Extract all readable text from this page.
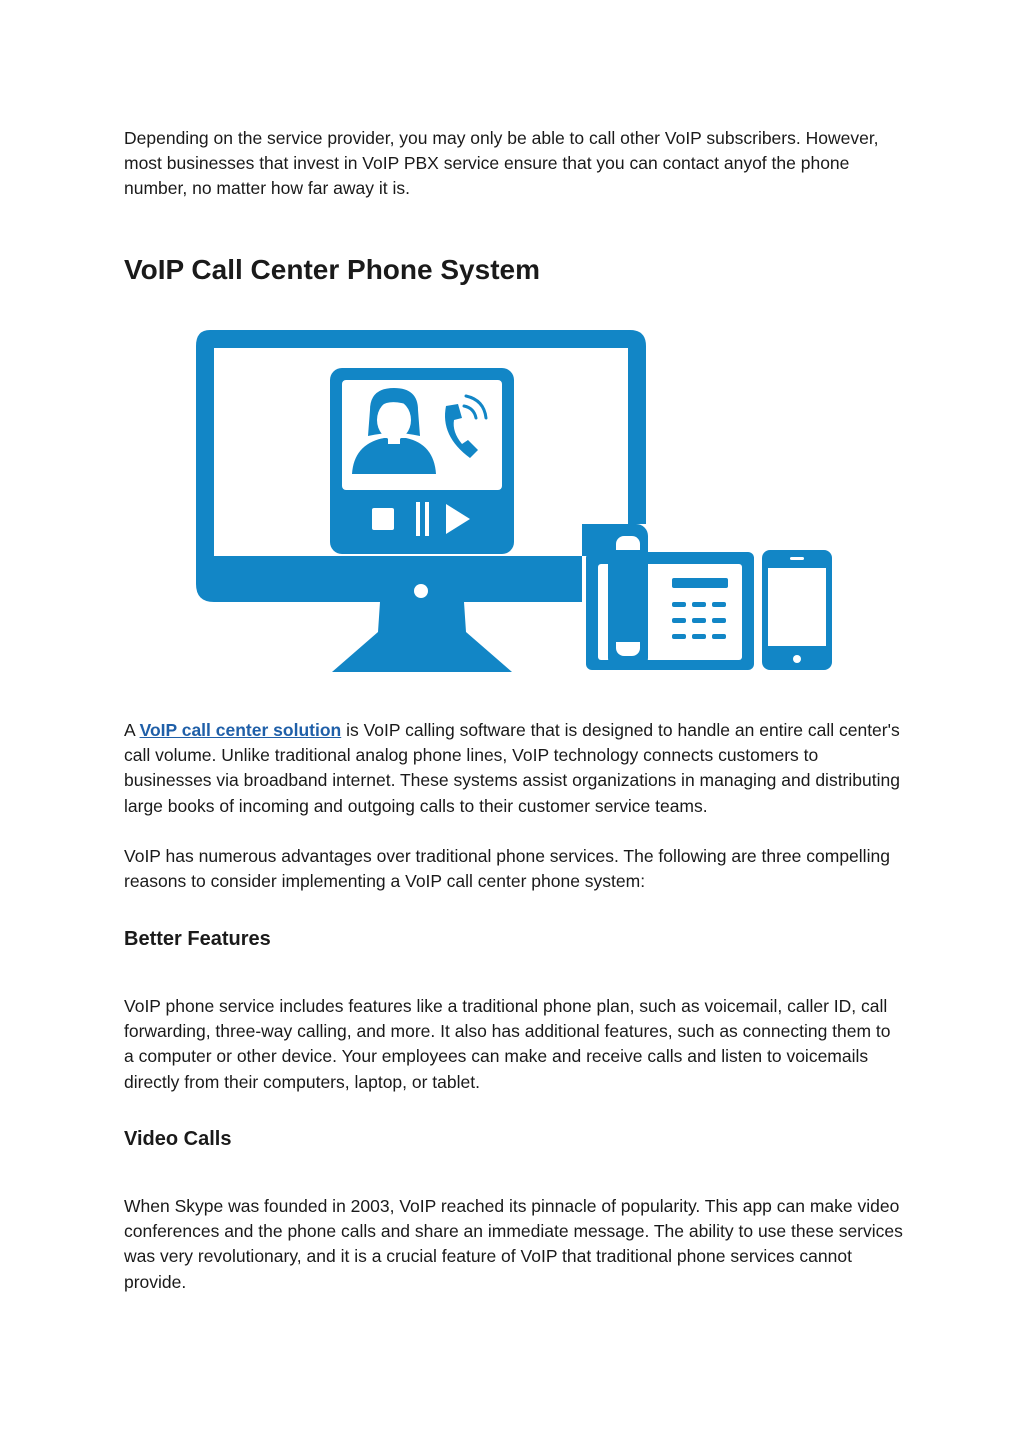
Depending on the service provider, you may only be able to call other VoIP subscribers. However, most businesses that invest in VoIP PBX service ensure that you can contact anyof the phone number, no matter how far away it is.

VoIP Call Center Phone System

A VoIP call center solution is VoIP calling software that is designed to handle an entire call center's call volume. Unlike traditional analog phone lines, VoIP technology connects customers to businesses via broadband internet. These systems assist organizations in managing and distributing large books of incoming and outgoing calls to their customer service teams.

VoIP has numerous advantages over traditional phone services. The following are three compelling reasons to consider implementing a VoIP call center phone system:

Better Features

VoIP phone service includes features like a traditional phone plan, such as voicemail, caller ID, call forwarding, three-way calling, and more. It also has additional features, such as connecting them to a computer or other device. Your employees can make and receive calls and listen to voicemails directly from their computers, laptop, or tablet.

Video Calls

When Skype was founded in 2003, VoIP reached its pinnacle of popularity. This app can make video conferences and the phone calls and share an immediate message. The ability to use these services was very revolutionary, and it is a crucial feature of VoIP that traditional phone services cannot provide.
